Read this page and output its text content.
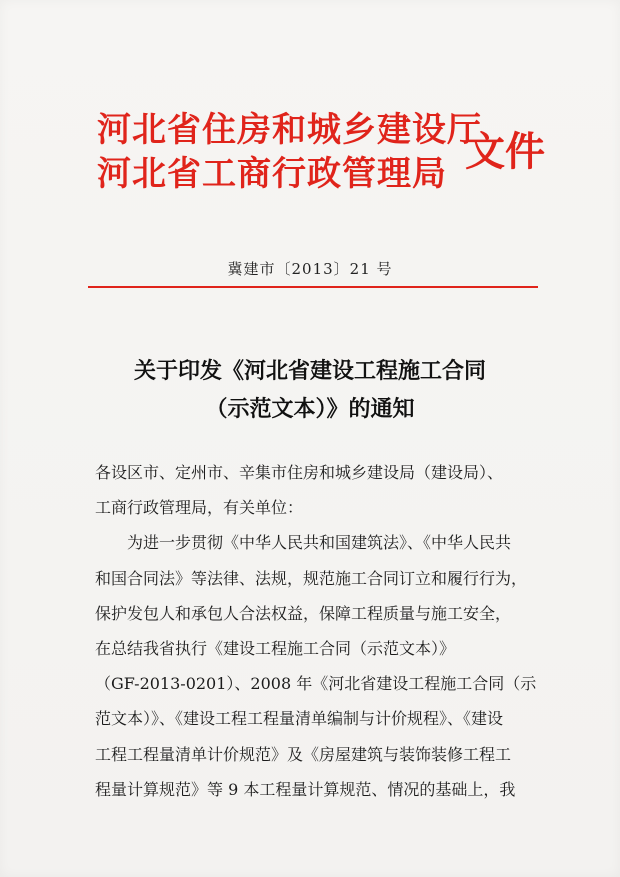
河北省住房和城乡建设厅
河北省工商行政管理局 文件
冀建市〔2013〕21 号
关于印发《河北省建设工程施工合同
（示范文本）》的通知

各设区市、定州市、辛集市住房和城乡建设局（建设局）、
工商行政管理局，有关单位：

为进一步贯彻《中华人民共和国建筑法》、《中华人民共
和国合同法》等法律、法规，规范施工合同订立和履行行为，
保护发包人和承包人合法权益，保障工程质量与施工安全，
在总结我省执行《建设工程施工合同（示范文本）》
（GF-2013-0201）、2008 年《河北省建设工程施工合同（示
范文本）》、《建设工程工程量清单编制与计价规程》、《建设
工程工程量清单计价规范》及《房屋建筑与装饰装修工程工
程量计算规范》等 9 本工程量计算规范、情况的基础上，我
